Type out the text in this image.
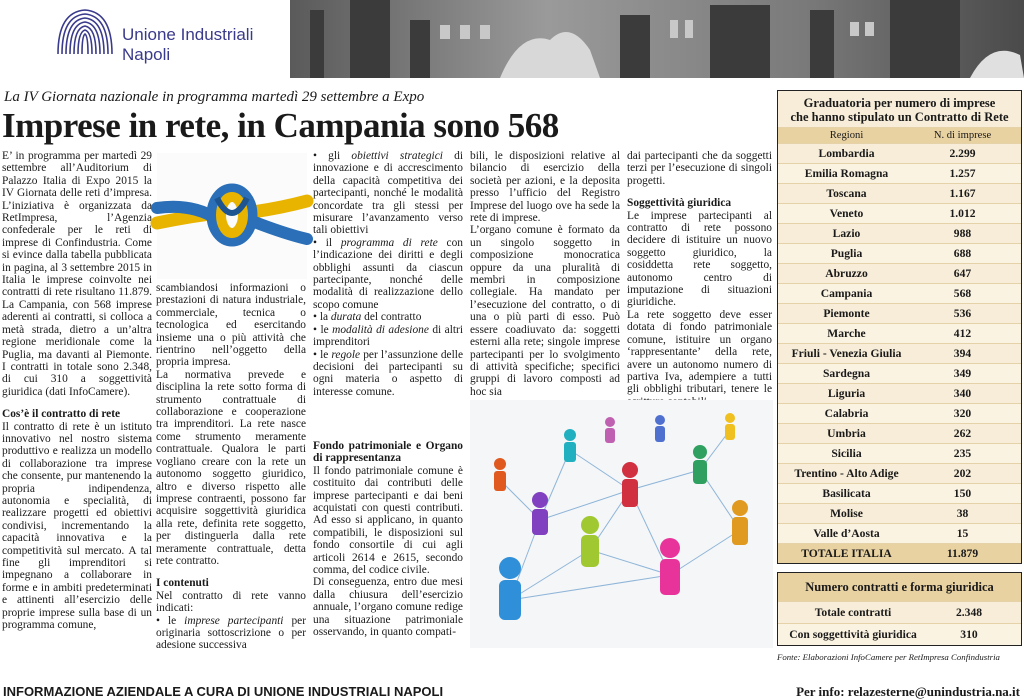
Unione Industriali
Napoli
La IV Giornata nazionale in programma martedì 29 settembre a Expo
Imprese in rete, in Campania sono 568

E’ in programma per martedì 29 settembre all’Auditorium di Palazzo Italia di Expo 2015 la IV Giornata delle reti d’impresa. L’iniziativa è organizzata da RetImpresa, l’Agenzia confederale per le reti di imprese di Confindustria. Come si evince dalla tabella pubblicata in pagina, al 3 settembre 2015 in Italia le imprese coinvolte nei contratti di rete risultano 11.879. La Campania, con 568 imprese aderenti ai contratti, si colloca a metà strada, dietro a un’altra regione meridionale come la Puglia, ma davanti al Piemonte. I contratti in totale sono 2.348, di cui 310 a soggettività giuridica (dati InfoCamere).

Cos’è il contratto di rete

Il contratto di rete è un istituto innovativo nel nostro sistema produttivo e realizza un modello di collaborazione tra imprese che consente, pur mantenendo la propria indipendenza, autonomia e specialità, di realizzare progetti ed obiettivi condivisi, incrementando la capacità innovativa e la competitività sul mercato. A tal fine gli imprenditori si impegnano a collaborare in forme e in ambiti predeterminati e attinenti all’esercizio delle proprie imprese sulla base di un programma comune,

scambiandosi informazioni o prestazioni di natura industriale, commerciale, tecnica o tecnologica ed esercitando insieme una o più attività che rientrino nell’oggetto della propria impresa.

La normativa prevede e disciplina la rete sotto forma di strumento contrattuale di collaborazione e cooperazione tra imprenditori. La rete nasce come strumento meramente contrattuale. Qualora le parti vogliano creare con la rete un autonomo soggetto giuridico, altro e diverso rispetto alle imprese contraenti, possono far acquisire soggettività giuridica alla rete, definita rete soggetto, per distinguerla dalla rete meramente contrattuale, detta rete contratto.

I contenuti

Nel contratto di rete vanno indicati:

• le imprese partecipanti per originaria sottoscrizione o per adesione successiva

• gli obiettivi strategici di innovazione e di accrescimento della capacità competitiva dei partecipanti, nonché le modalità concordate tra gli stessi per misurare l’avanzamento verso tali obiettivi

• il programma di rete con l’indicazione dei diritti e degli obblighi assunti da ciascun partecipante, nonché delle modalità di realizzazione dello scopo comune

• la durata del contratto

• le modalità di adesione di altri imprenditori

• le regole per l’assunzione delle decisioni dei partecipanti su ogni materia o aspetto di interesse comune.

Fondo patrimoniale e Organo di rappresentanza

Il fondo patrimoniale comune è costituito dai contributi delle imprese partecipanti e dai beni acquistati con questi contributi. Ad esso si applicano, in quanto compatibili, le disposizioni sul fondo consortile di cui agli articoli 2614 e 2615, secondo comma, del codice civile.

Di conseguenza, entro due mesi dalla chiusura dell’esercizio annuale, l’organo comune redige una situazione patrimoniale osservando, in quanto compati-

bili, le disposizioni relative al bilancio di esercizio della società per azioni, e la deposita presso l’ufficio del Registro Imprese del luogo ove ha sede la rete di imprese.

L’organo comune è formato da un singolo soggetto in composizione monocratica oppure da una pluralità di membri in composizione collegiale. Ha mandato per l’esecuzione del contratto, o di una o più parti di esso. Può essere coadiuvato da: soggetti esterni alla rete; singole imprese partecipanti per lo svolgimento di attività specifiche; specifici gruppi di lavoro composti ad hoc sia

dai partecipanti che da soggetti terzi per l’esecuzione di singoli progetti.

Soggettività giuridica

Le imprese partecipanti al contratto di rete possono decidere di istituire un nuovo soggetto giuridico, la cosiddetta rete soggetto, autonomo centro di imputazione di situazioni giuridiche.

La rete soggetto deve esser dotata di fondo patrimoniale comune, istituire un organo ‘rappresentante’ della rete, avere un autonomo numero di partiva Iva, adempiere a tutti gli obblighi tributari, tenere le

Graduatoria per numero di imprese
che hanno stipulato un Contratto di Rete
Regioni	N. di imprese
Lombardia	2.299
Emilia Romagna	1.257
Toscana	1.167
Veneto	1.012
Lazio	988
Puglia	688
Abruzzo	647
Campania	568
Piemonte	536
Marche	412
Friuli - Venezia Giulia	394
Sardegna	349
Liguria	340
Calabria	320
Umbria	262
Sicilia	235
Trentino - Alto Adige	202
Basilicata	150
Molise	38
Valle d’Aosta	15
TOTALE ITALIA	11.879
Numero contratti e forma giuridica
Totale contratti	2.348
Con soggettività giuridica	310
Fonte: Elaborazioni InfoCamere per RetImpresa Confindustria
INFORMAZIONE AZIENDALE A CURA DI UNIONE INDUSTRIALI NAPOLI	Per info: relazesterne@unindustria.na.it
